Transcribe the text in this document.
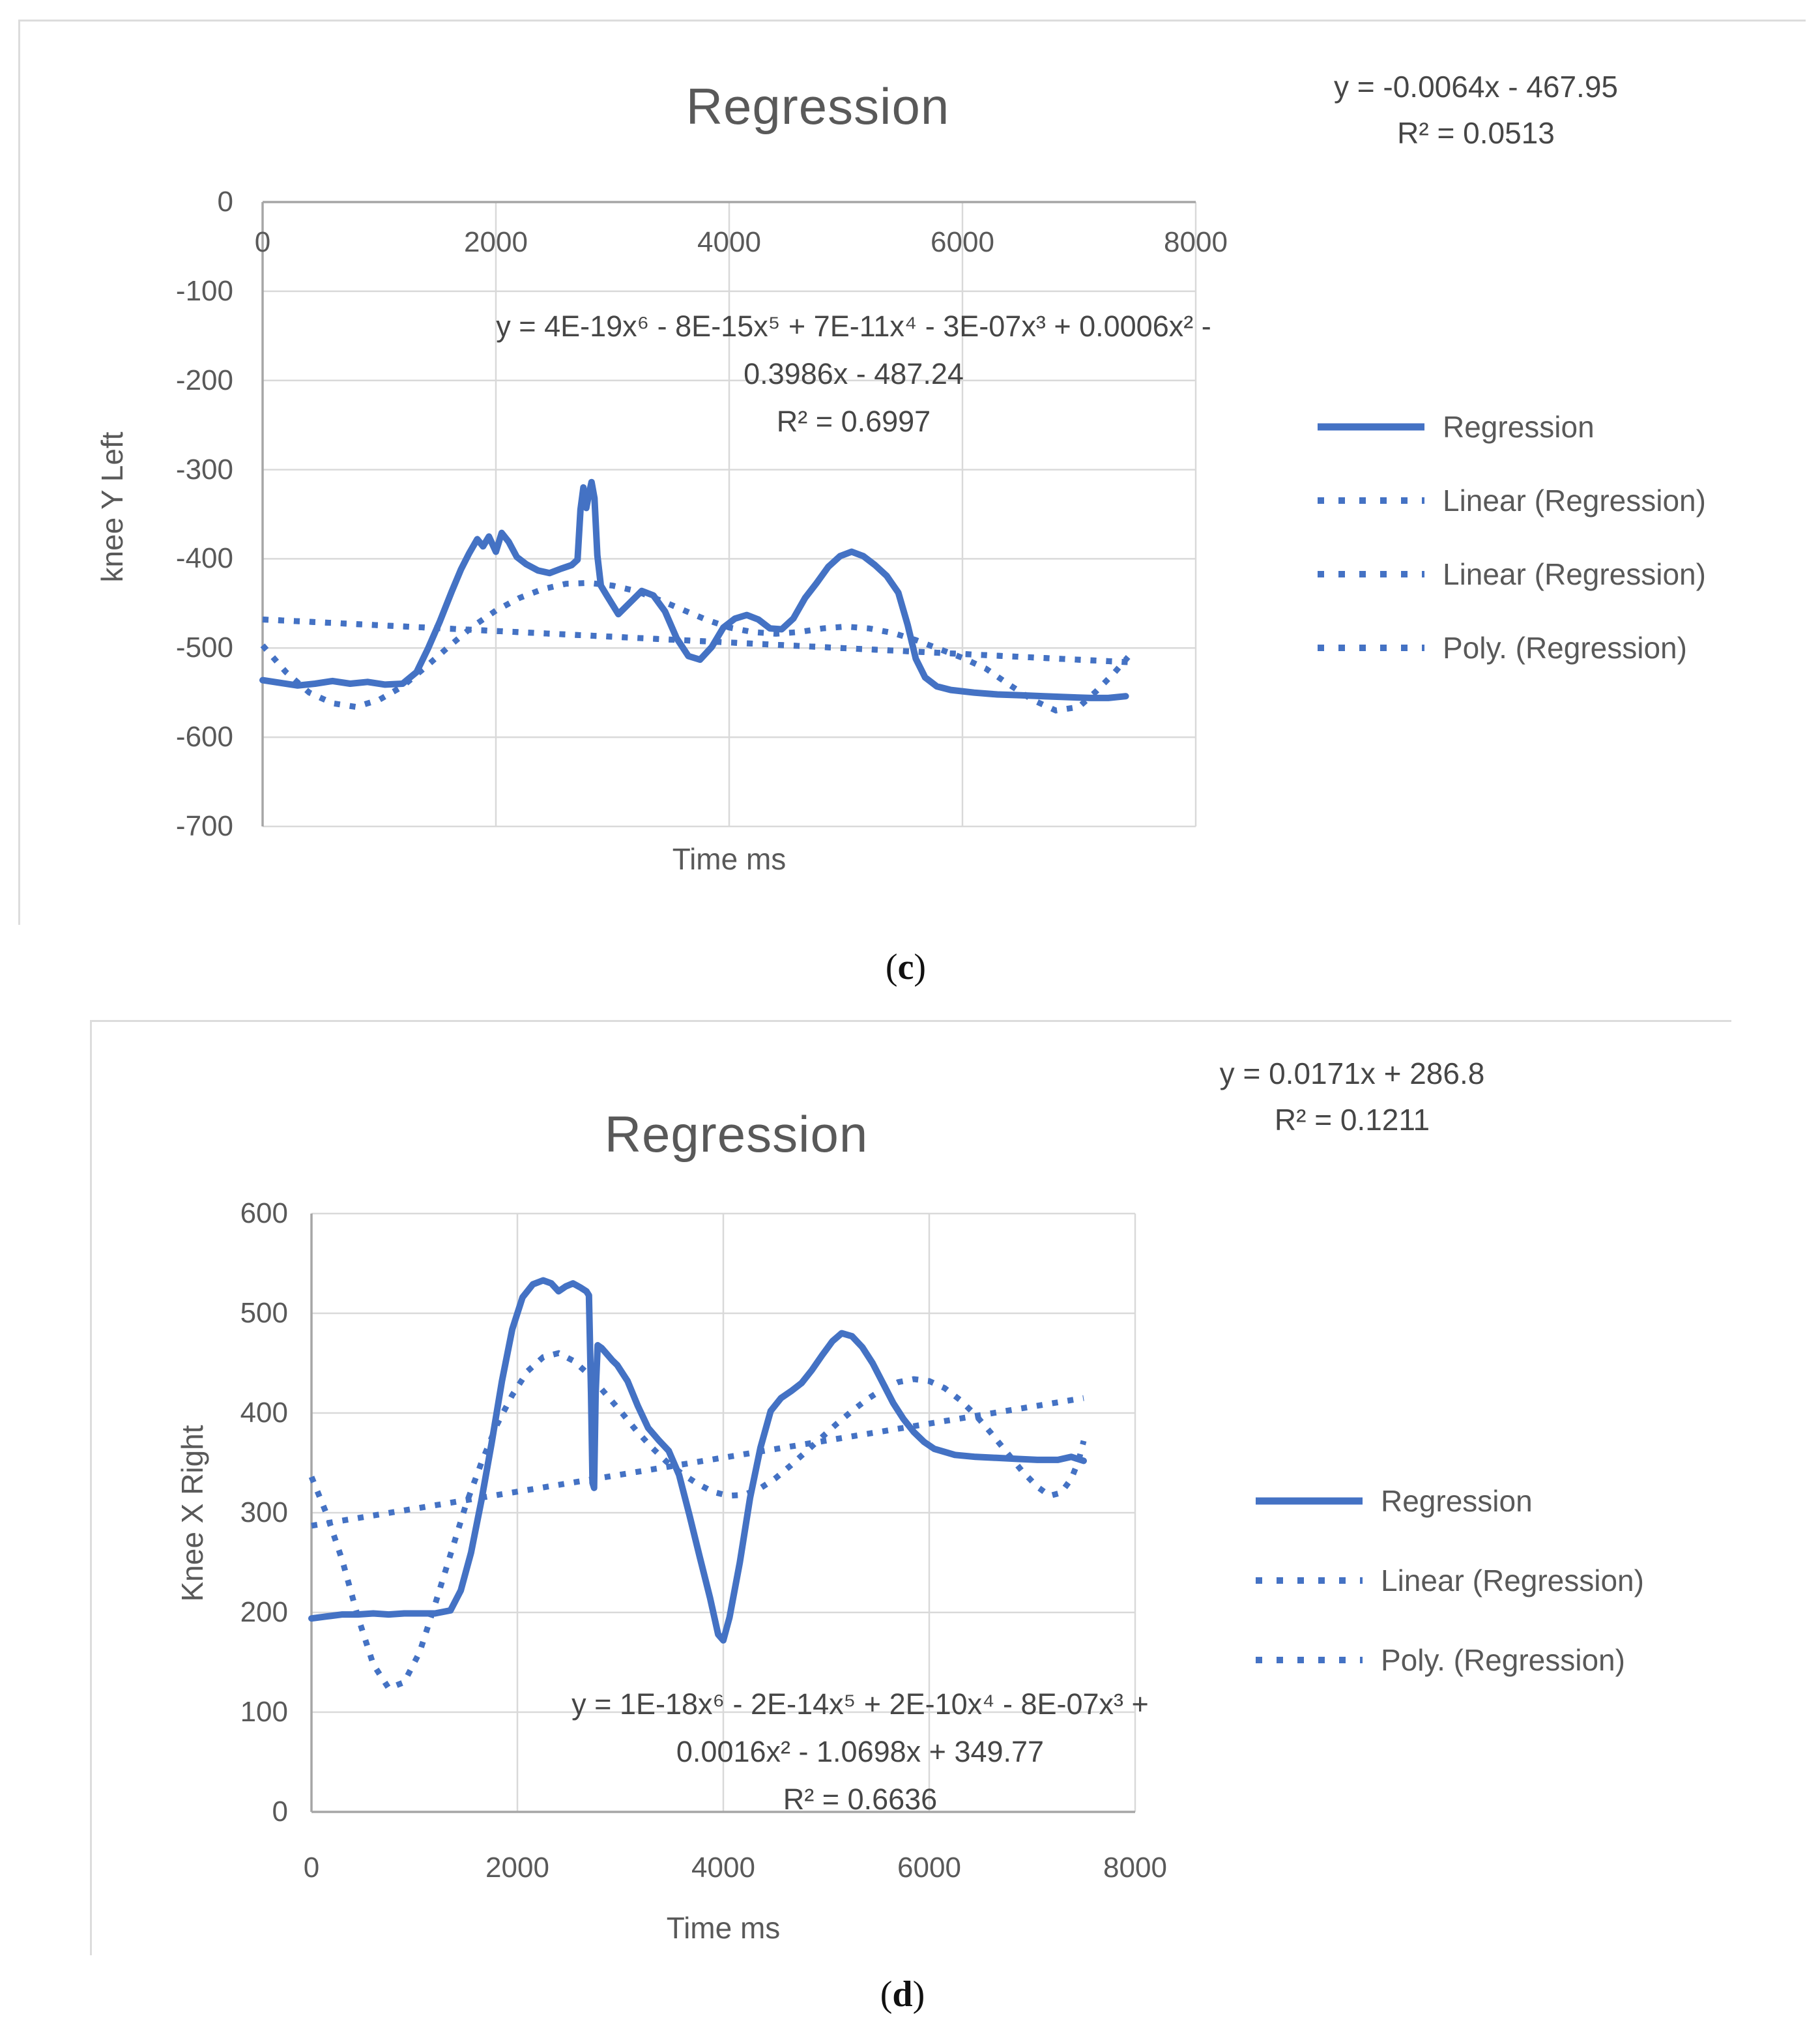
y = -0.0064x - 467.95
R² = 0.0513
Regression
knee Y Left
y = 4E-19x⁶ - 8E-15x⁵ + 7E-11x⁴ - 3E-07x³ + 0.0006x² -
0.3986x - 487.24
R² = 0.6997
Time ms
Regression
Linear (Regression)
Linear (Regression)
Poly. (Regression)
(c)
y = 0.0171x + 286.8
R² = 0.1211
Regression
Knee X Right
y = 1E-18x⁶ - 2E-14x⁵ + 2E-10x⁴ - 8E-07x³ +
0.0016x² - 1.0698x + 349.77
R² = 0.6636
Time ms
Regression
Linear (Regression)
Poly. (Regression)
(d)
0	2000	4000	6000	8000
0
-100
-200
-300
-400
-500
-600
-700
0	2000	4000	6000	8000
600
500
400
300
200
100
0
